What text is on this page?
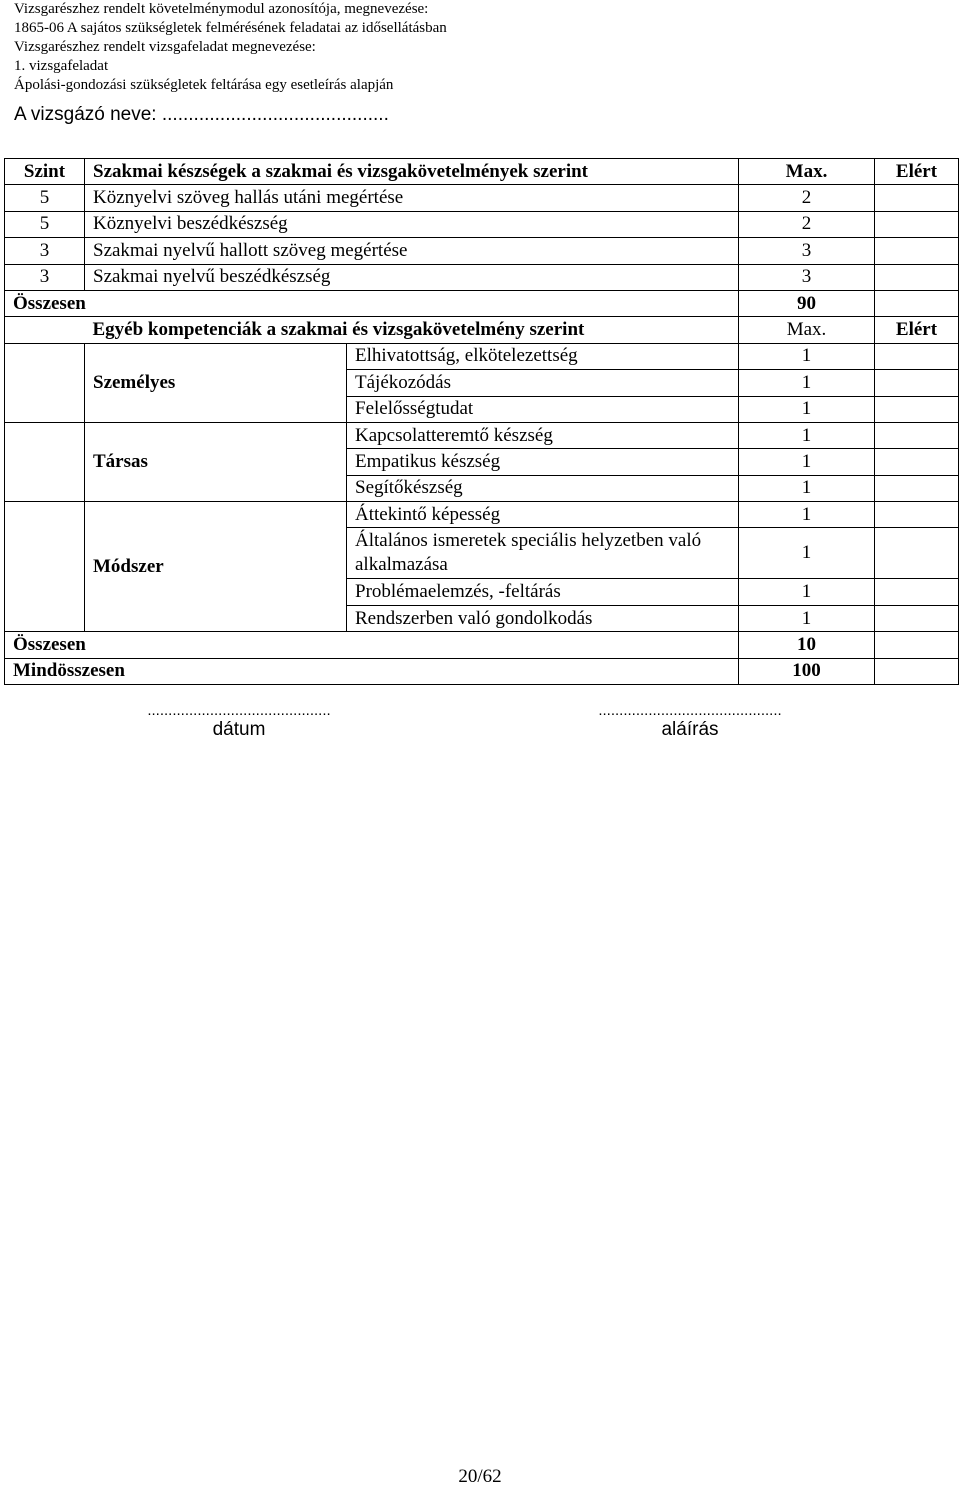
Vizsgarészhez rendelt követelménymodul azonosítója, megnevezése:
1865-06 A sajátos szükségletek felmérésének feladatai az idősellátásban
Vizsgarészhez rendelt vizsgafeladat megnevezése:
1. vizsgafeladat
Ápolási-gondozási szükségletek feltárása egy esetleírás alapján
A vizsgázó neve: ...........................................
Szint	Szakmai készségek a szakmai és vizsgakövetelmények szerint		Max.	Elért
5	Köznyelvi szöveg hallás utáni megértése		2	
5	Köznyelvi beszédkészség		2	
3	Szakmai nyelvű hallott szöveg megértése		3	
3	Szakmai nyelvű beszédkészség		3	
Összesen			90	
	Egyéb kompetenciák a szakmai és vizsgakövetelmény szerint		Max.	Elért
	Személyes	Elhivatottság, elkötelezettség	1	
		Tájékozódás	1	
		Felelősségtudat	1	
	Társas	Kapcsolatteremtő készség	1	
		Empatikus készség	1	
		Segítőkészség	1	
	Módszer	Áttekintő képesség	1	
		Általános ismeretek speciális helyzetben való alkalmazása	1	
		Problémaelemzés, -feltárás	1	
		Rendszerben való gondolkodás	1	
Összesen			10	
Mindösszesen			100	
............................................
dátum
............................................
aláírás
20/62
